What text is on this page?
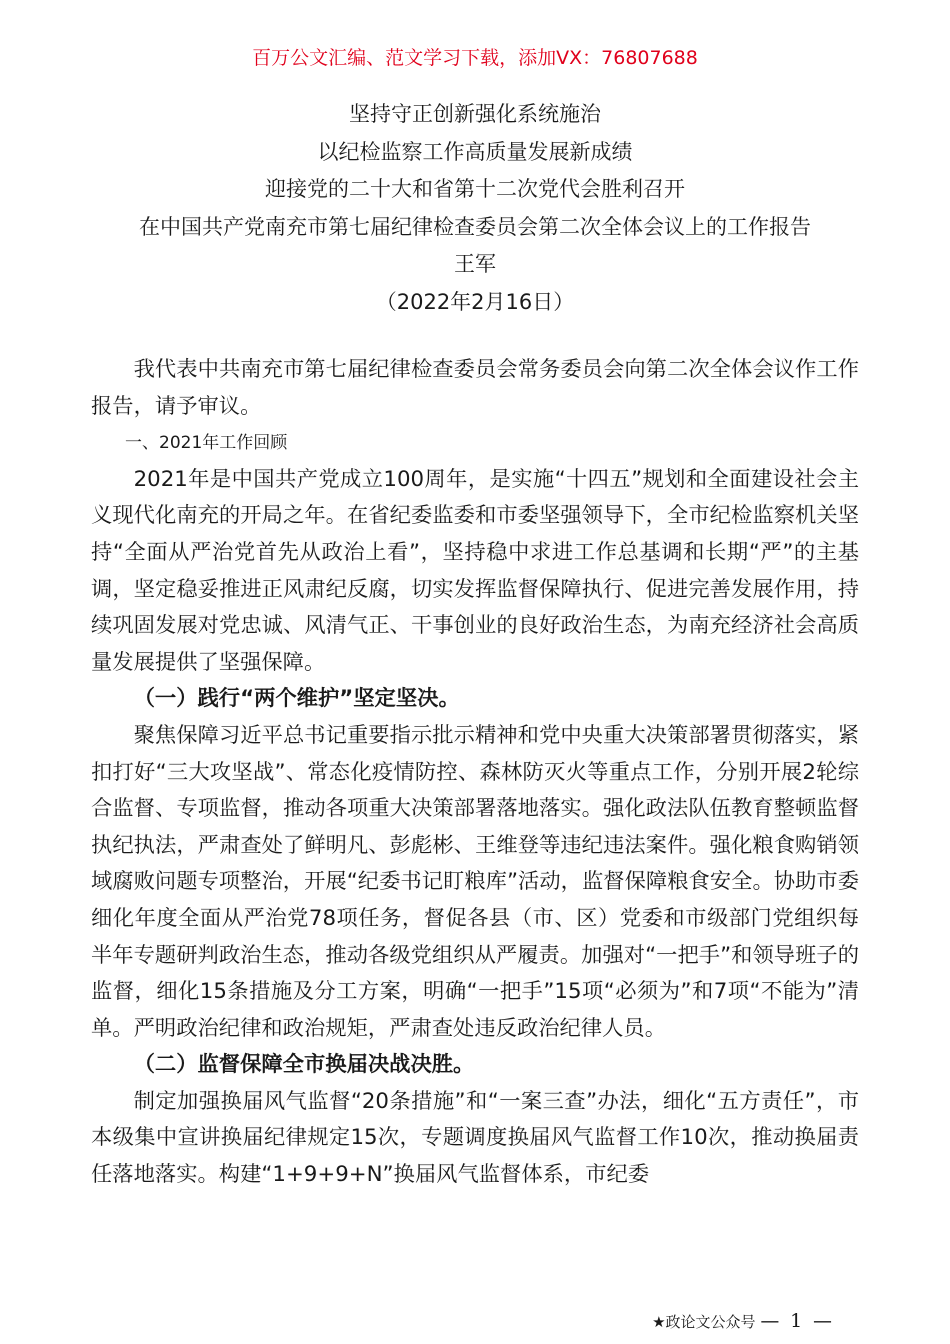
百万公文汇编、范文学习下载，添加VX：76807688
坚持守正创新强化系统施治
以纪检监察工作高质量发展新成绩
迎接党的二十大和省第十二次党代会胜利召开
在中国共产党南充市第七届纪律检查委员会第二次全体会议上的工作报告
王军
（2022年2月16日）

我代表中共南充市第七届纪律检查委员会常务委员会向第二次全体会议作工作报告，请予审议。

一、2021年工作回顾

2021年是中国共产党成立100周年，是实施“十四五”规划和全面建设社会主义现代化南充的开局之年。在省纪委监委和市委坚强领导下，全市纪检监察机关坚持“全面从严治党首先从政治上看”，坚持稳中求进工作总基调和长期“严”的主基调，坚定稳妥推进正风肃纪反腐，切实发挥监督保障执行、促进完善发展作用，持续巩固发展对党忠诚、风清气正、干事创业的良好政治生态，为南充经济社会高质量发展提供了坚强保障。

（一）践行“两个维护”坚定坚决。

聚焦保障习近平总书记重要指示批示精神和党中央重大决策部署贯彻落实，紧扣打好“三大攻坚战”、常态化疫情防控、森林防灭火等重点工作，分别开展2轮综合监督、专项监督，推动各项重大决策部署落地落实。强化政法队伍教育整顿监督执纪执法，严肃查处了鲜明凡、彭彪彬、王维登等违纪违法案件。强化粮食购销领域腐败问题专项整治，开展“纪委书记盯粮库”活动，监督保障粮食安全。协助市委细化年度全面从严治党78项任务，督促各县（市、区）党委和市级部门党组织每半年专题研判政治生态，推动各级党组织从严履责。加强对“一把手”和领导班子的监督，细化15条措施及分工方案，明确“一把手”15项“必须为”和7项“不能为”清单。严明政治纪律和政治规矩，严肃查处违反政治纪律人员。

（二）监督保障全市换届决战决胜。

制定加强换届风气监督“20条措施”和“一案三查”办法，细化“五方责任”，市本级集中宣讲换届纪律规定15次，专题调度换届风气监督工作10次，推动换届责任落地落实。构建“1+9+9+N”换届风气监督体系，市纪委

★政论文公众号 — 1 —
